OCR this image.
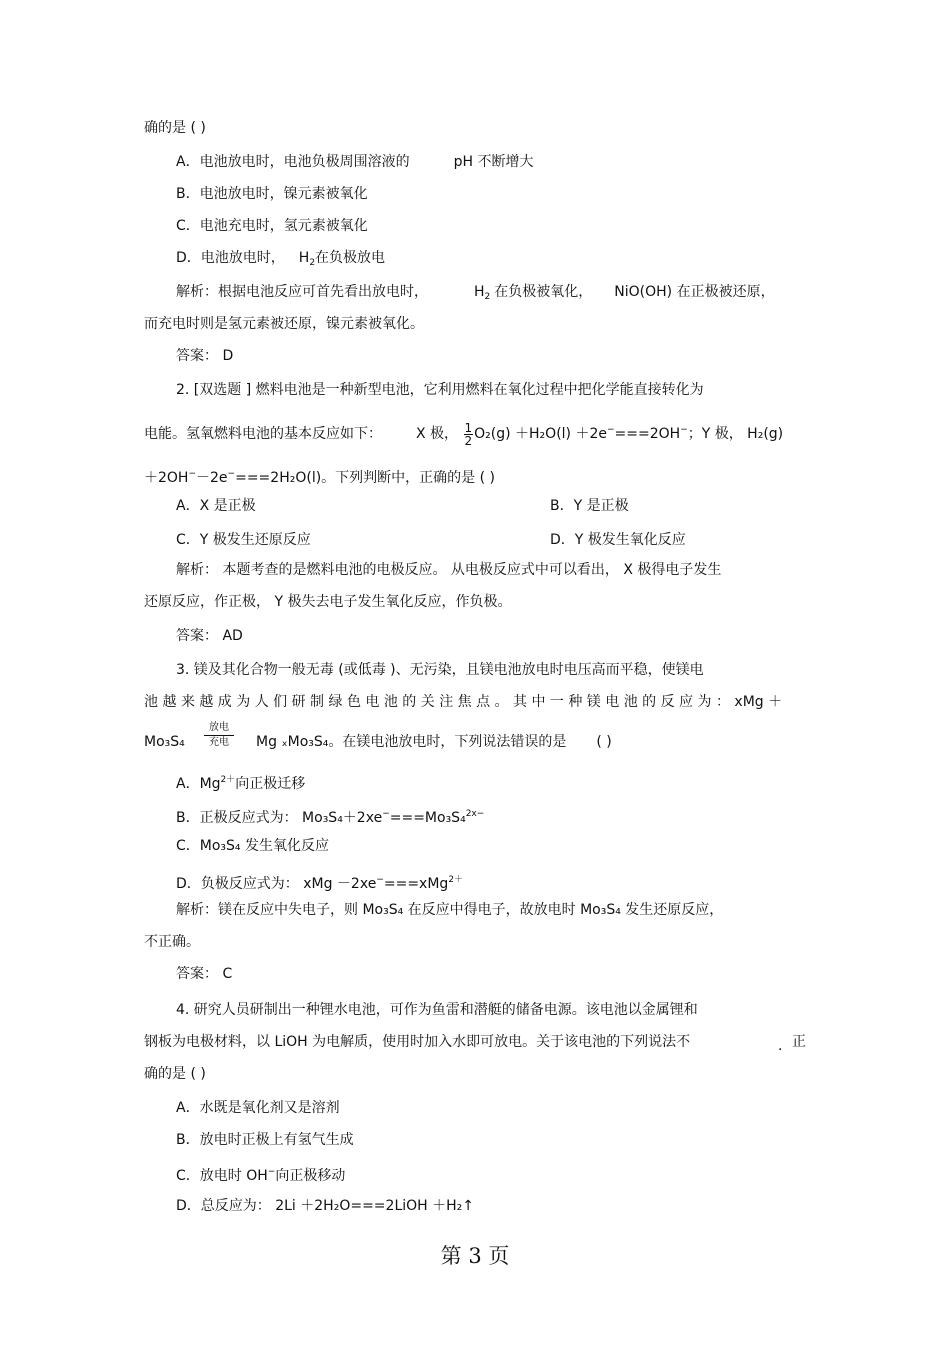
确的是 ( )
A．电池放电时，电池负极周围溶液的	pH 不断增大
B．电池放电时，镍元素被氧化
C．电池充电时，氢元素被氧化
D．电池放电时， $H_2$在负极放电
解析：根据电池反应可首先看出放电时，	$H_2$ 在负极被氧化， NiO(OH) 在正极被还原，
而充电时则是氢元素被还原，镍元素被氧化。
答案： D
2. [双选题 ] 燃料电池是一种新型电池，它利用燃料在氧化过程中把化学能直接转化为
电能。氢氧燃料电池的基本反应如下： X 极， $\frac{1}{2} O_2(g) +H_2O(l) +2e^-===2OH^-$；Y 极， H₂(g)
＋2OH−－2e−===2H₂O(l)。下列判断中，正确的是 ( )
A．X 是正极	B．Y 是正极
C．Y 极发生还原反应	D．Y 极发生氧化反应
解析： 本题考查的是燃料电池的电极反应。 从电极反应式中可以看出， X 极得电子发生
还原反应，作正极， Y 极失去电子发生氧化反应，作负极。
答案： AD
3. 镁及其化合物一般无毒 (或低毒 )、无污染，且镁电池放电时电压高而平稳，使镁电
池 越 来 越 成 为 人 们 研 制 绿 色 电 池 的 关 注 焦 点 。 其 中 一 种 镁 电 池 的 反 应 为 ： xMg ＋
Mo₃S₄
放电
充电	Mg ₓMo₃S₄。在镁电池放电时，下列说法错误的是 ( )
A．$Mg^{2+}$向正极迁移
B．正极反应式为： Mo₃S₄＋2xe−===Mo₃S₄$^{2x-}$
C．Mo₃S₄ 发生氧化反应
D．负极反应式为： xMg －2xe−===xMg$^{2+}$
解析：镁在反应中失电子，则 Mo₃S₄ 在反应中得电子，故放电时 Mo₃S₄ 发生还原反应，
不正确。
答案： C
4. 研究人员研制出一种锂水电池，可作为鱼雷和潜艇的储备电源。该电池以金属锂和
钢板为电极材料，以 LiOH 为电解质，使用时加入水即可放电。关于该电池的下列说法不	. 正
确的是 ( )
A．水既是氧化剂又是溶剂
B．放电时正极上有氢气生成
C．放电时 OH−向正极移动
D．总反应为： 2Li ＋2H₂O===2LiOH ＋H₂↑
第 3 页
